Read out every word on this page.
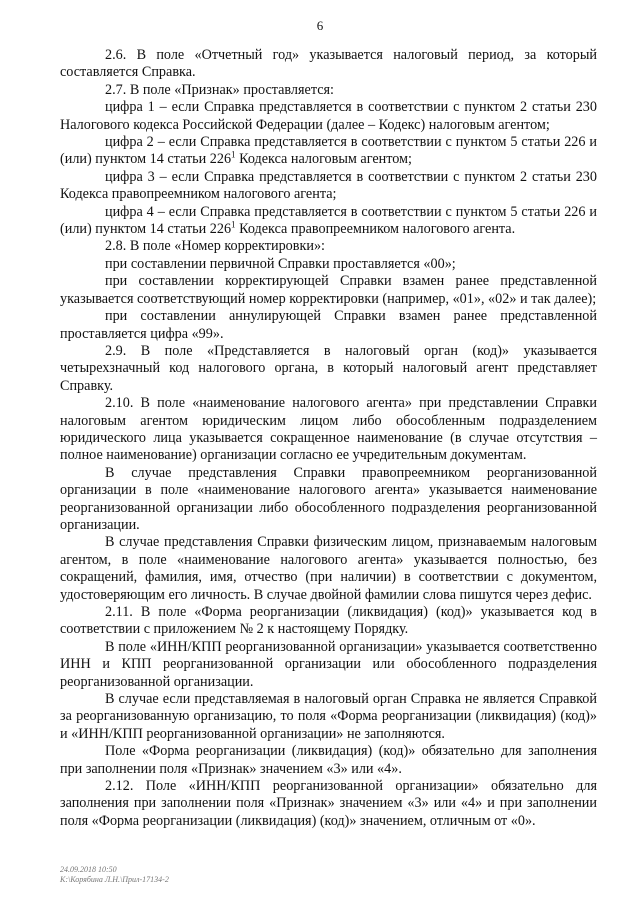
6

2.6. В поле «Отчетный год» указывается налоговый период, за который составляется Справка.

2.7. В поле «Признак» проставляется:

цифра 1 – если Справка представляется в соответствии с пунктом 2 статьи 230 Налогового кодекса Российской Федерации (далее – Кодекс) налоговым агентом;

цифра 2 – если Справка представляется в соответствии с пунктом 5 статьи 226 и (или) пунктом 14 статьи $226^1$ Кодекса налоговым агентом;

цифра 3 – если Справка представляется в соответствии с пунктом 2 статьи 230 Кодекса правопреемником налогового агента;

цифра 4 – если Справка представляется в соответствии с пунктом 5 статьи 226 и (или) пунктом 14 статьи $226^1$ Кодекса правопреемником налогового агента.

2.8. В поле «Номер корректировки»:

при составлении первичной Справки проставляется «00»;

при составлении корректирующей Справки взамен ранее представленной указывается соответствующий номер корректировки (например, «01», «02» и так далее);

при составлении аннулирующей Справки взамен ранее представленной проставляется цифра «99».

2.9. В поле «Представляется в налоговый орган (код)» указывается четырехзначный код налогового органа, в который налоговый агент представляет Справку.

2.10. В поле «наименование налогового агента» при представлении Справки налоговым агентом юридическим лицом либо обособленным подразделением юридического лица указывается сокращенное наименование (в случае отсутствия – полное наименование) организации согласно ее учредительным документам.

В случае представления Справки правопреемником реорганизованной организации в поле «наименование налогового агента» указывается наименование реорганизованной организации либо обособленного подразделения реорганизованной организации.

В случае представления Справки физическим лицом, признаваемым налоговым агентом, в поле «наименование налогового агента» указывается полностью, без сокращений, фамилия, имя, отчество (при наличии) в соответствии с документом, удостоверяющим его личность. В случае двойной фамилии слова пишутся через дефис.

2.11. В поле «Форма реорганизации (ликвидация) (код)» указывается код в соответствии с приложением № 2 к настоящему Порядку.

В поле «ИНН/КПП реорганизованной организации» указывается соответственно ИНН и КПП реорганизованной организации или обособленного подразделения реорганизованной организации.

В случае если представляемая в налоговый орган Справка не является Справкой за реорганизованную организацию, то поля «Форма реорганизации (ликвидация) (код)» и «ИНН/КПП реорганизованной организации» не заполняются.

Поле «Форма реорганизации (ликвидация) (код)» обязательно для заполнения при заполнении поля «Признак» значением «3» или «4».

2.12. Поле «ИНН/КПП реорганизованной организации» обязательно для заполнения при заполнении поля «Признак» значением «3» или «4» и при заполнении поля «Форма реорганизации (ликвидация) (код)» значением, отличным от «0».

24.09.2018 10:50
К:\Корябина Л.Н.\Прил-17134-2
